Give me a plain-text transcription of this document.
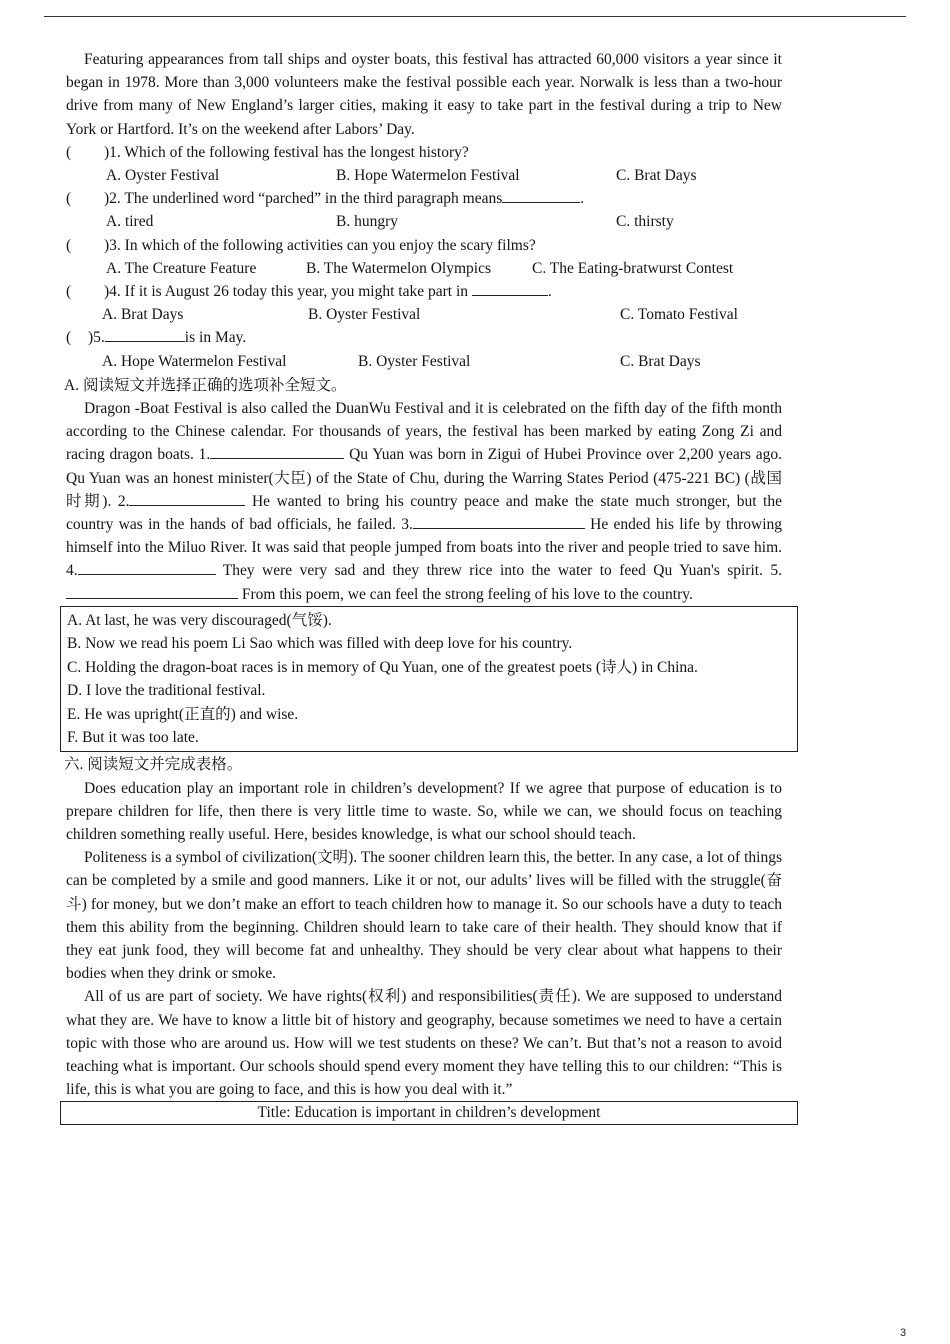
Featuring appearances from tall ships and oyster boats, this festival has attracted 60,000 visitors a year since it began in 1978. More than 3,000 volunteers make the festival possible each year. Norwalk is less than a two-hour drive from many of New England’s larger cities, making it easy to take part in the festival during a trip to New York or Hartford. It’s on the weekend after Labors’ Day.

(	)1. Which of the following festival has the longest history?
A. Oyster Festival	B. Hope Watermelon Festival	C. Brat Days
(	)2. The underlined word “parched” in the third paragraph means	.
A. tired	B. hungry	C. thirsty
(	)3. In which of the following activities can you enjoy the scary films?
A. The Creature Feature	B. The Watermelon Olympics	C. The Eating-bratwurst Contest
(	)4. If it is August 26 today this year, you might take part in	.
A. Brat Days	B. Oyster Festival	C. Tomato Festival
(	)5.	is in May.
A. Hope Watermelon Festival	B. Oyster Festival	C. Brat Days

A. 阅读短文并选择正确的选项补全短文。

Dragon -Boat Festival is also called the DuanWu Festival and it is celebrated on the fifth day of the fifth month according to the Chinese calendar. For thousands of years, the festival has been marked by eating Zong Zi and racing dragon boats. 1.	Qu Yuan was born in Zigui of Hubei Province over 2,200 years ago. Qu Yuan was an honest minister(大臣) of the State of Chu, during the Warring States Period (475-221 BC) (战国时期). 2.	He wanted to bring his country peace and make the state much stronger, but the country was in the hands of bad officials, he failed. 3.	He ended his life by throwing himself into the Miluo River. It was said that people jumped from boats into the river and people tried to save him. 4.	They were very sad and they threw rice into the water to feed Qu Yuan's spirit. 5. From this poem, we can feel the strong feeling of his love to the country.

A. At last, he was very discouraged(气馁).

B. Now we read his poem Li Sao which was filled with deep love for his country.

C. Holding the dragon-boat races is in memory of Qu Yuan, one of the greatest poets (诗人) in China.

D. I love the traditional festival.

E. He was upright(正直的) and wise.

F. But it was too late.

六. 阅读短文并完成表格。

Does education play an important role in children’s development? If we agree that purpose of education is to prepare children for life, then there is very little time to waste. So, while we can, we should focus on teaching children something really useful. Here, besides knowledge, is what our school should teach.

Politeness is a symbol of civilization(文明). The sooner children learn this, the better. In any case, a lot of things can be completed by a smile and good manners. Like it or not, our adults’ lives will be filled with the struggle(奋斗) for money, but we don’t make an effort to teach children how to manage it. So our schools have a duty to teach them this ability from the beginning. Children should learn to take care of their health. They should know that if they eat junk food, they will become fat and unhealthy. They should be very clear about what happens to their bodies when they drink or smoke.

All of us are part of society. We have rights(权利) and responsibilities(责任). We are supposed to understand what they are. We have to know a little bit of history and geography, because sometimes we need to have a certain topic with those who are around us. How will we test students on these? We can’t. But that’s not a reason to avoid teaching what is important. Our schools should spend every moment they have telling this to our children: “This is life, this is what you are going to face, and this is how you deal with it.”

Title: Education is important in children’s development
3
